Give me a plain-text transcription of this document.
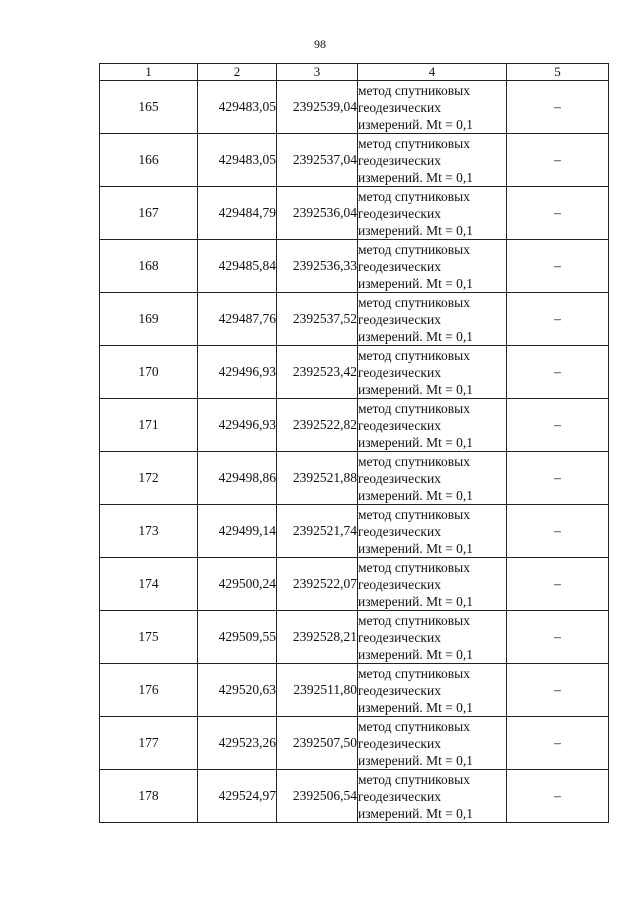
98
1	2	3	4	5
165	429483,05	2392539,04	метод спутниковых
геодезических
измерений. Mt = 0,1	–
166	429483,05	2392537,04	метод спутниковых
геодезических
измерений. Mt = 0,1	–
167	429484,79	2392536,04	метод спутниковых
геодезических
измерений. Mt = 0,1	–
168	429485,84	2392536,33	метод спутниковых
геодезических
измерений. Mt = 0,1	–
169	429487,76	2392537,52	метод спутниковых
геодезических
измерений. Mt = 0,1	–
170	429496,93	2392523,42	метод спутниковых
геодезических
измерений. Mt = 0,1	–
171	429496,93	2392522,82	метод спутниковых
геодезических
измерений. Mt = 0,1	–
172	429498,86	2392521,88	метод спутниковых
геодезических
измерений. Mt = 0,1	–
173	429499,14	2392521,74	метод спутниковых
геодезических
измерений. Mt = 0,1	–
174	429500,24	2392522,07	метод спутниковых
геодезических
измерений. Mt = 0,1	–
175	429509,55	2392528,21	метод спутниковых
геодезических
измерений. Mt = 0,1	–
176	429520,63	2392511,80	метод спутниковых
геодезических
измерений. Mt = 0,1	–
177	429523,26	2392507,50	метод спутниковых
геодезических
измерений. Mt = 0,1	–
178	429524,97	2392506,54	метод спутниковых
геодезических
измерений. Mt = 0,1	–
